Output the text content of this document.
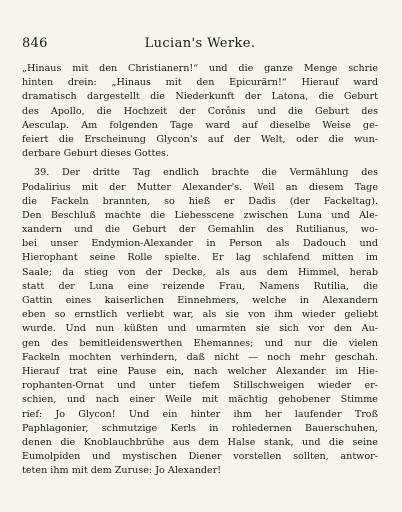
846	Lucian's Werke.
„Hinaus mit den Christianern!“ und die ganze Menge schrie
hinten drein: „Hinaus mit den Epicurärn!“ Hierauf ward
dramatisch dargestellt die Niederkunft der Latona, die Geburt
des Apollo, die Hochzeit der Corônis und die Geburt des
Aesculap. Am folgenden Tage ward auf dieselbe Weise ge-
feiert die Erscheinung Glycon's auf der Welt, oder die wun-
derbare Geburt dieses Gottes.
39. Der dritte Tag endlich brachte die Vermählung des
Podalirius mit der Mutter Alexander's. Weil an diesem Tage
die Fackeln brannten, so hieß er Dadis (der Fackeltag).
Den Beschluß machte die Liebesscene zwischen Luna und Ale-
xandern und die Geburt der Gemahlin des Rutilianus, wo-
bei unser Endymion-Alexander in Person als Dadouch und
Hierophant seine Rolle spielte. Er lag schlafend mitten im
Saale; da stieg von der Decke, als aus dem Himmel, herab
statt der Luna eine reizende Frau, Namens Rutilia, die
Gattin eines kaiserlichen Einnehmers, welche in Alexandern
eben so ernstlich verliebt war, als sie von ihm wieder geliebt
wurde. Und nun küßten und umarmten sie sich vor den Au-
gen des bemitleidenswerthen Ehemannes; und nur die vielen
Fackeln mochten verhindern, daß nicht — noch mehr geschah.
Hierauf trat eine Pause ein, nach welcher Alexander im Hie-
rophanten-Ornat und unter tiefem Stillschweigen wieder er-
schien, und nach einer Weile mit mächtig gehobener Stimme
rief: Jo Glycon! Und ein hinter ihm her laufender Troß
Paphlagonier, schmutzige Kerls in rohledernen Bauerschuhen,
denen die Knoblauchbrühe aus dem Halse stank, und die seine
Eumolpiden und mystischen Diener vorstellen sollten, antwor-
teten ihm mit dem Zuruse: Jo Alexander!
